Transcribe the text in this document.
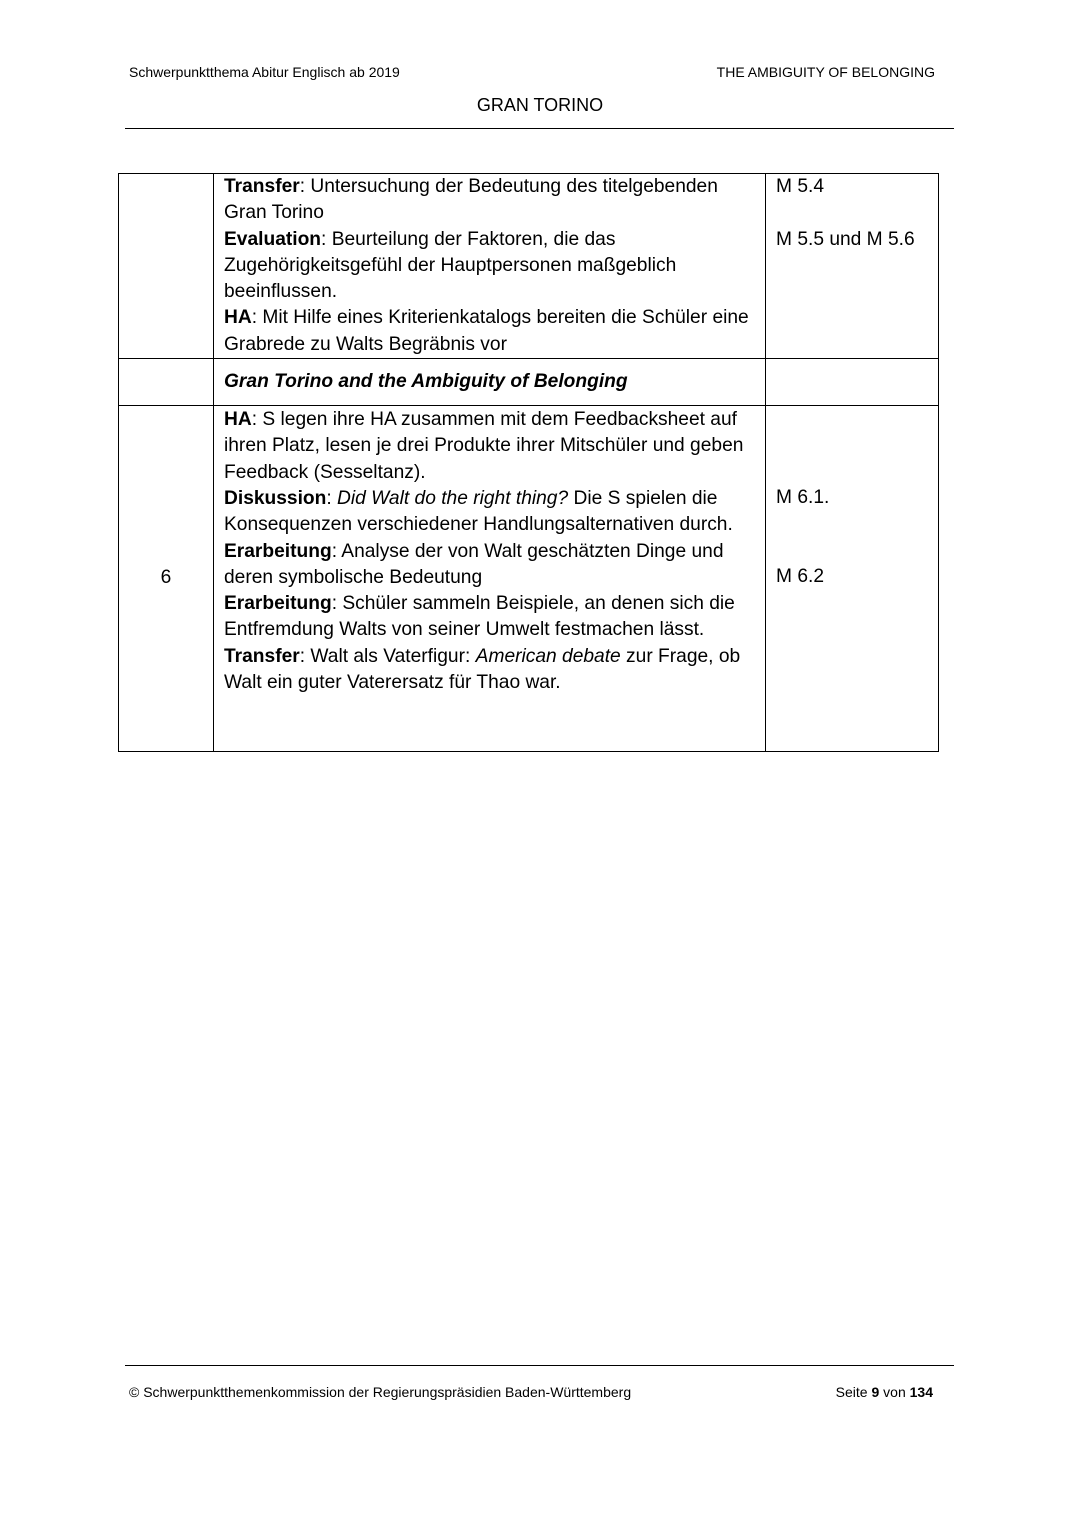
Schwerpunktthema Abitur Englisch ab 2019	THE AMBIGUITY OF BELONGING
GRAN TORINO

	Transfer: Untersuchung der Bedeutung des titelgebenden Gran Torino
Evaluation: Beurteilung der Faktoren, die das Zugehörigkeitsgefühl der Hauptpersonen maßgeblich beeinflussen.
HA: Mit Hilfe eines Kriterienkatalogs bereiten die Schüler eine Grabrede zu Walts Begräbnis vor	M 5.4
M 5.5 und M 5.6

	Gran Torino and the Ambiguity of Belonging	
6	HA: S legen ihre HA zusammen mit dem Feedbacksheet auf ihren Platz, lesen je drei Produkte ihrer Mitschüler und geben Feedback (Sesseltanz).
Diskussion: Did Walt do the right thing? Die S spielen die Konsequenzen verschiedener Handlungsalternativen durch.
Erarbeitung: Analyse der von Walt geschätzten Dinge und deren symbolische Bedeutung
Erarbeitung: Schüler sammeln Beispiele, an denen sich die Entfremdung Walts von seiner Umwelt festmachen lässt.
Transfer: Walt als Vaterfigur: American debate zur Frage, ob Walt ein guter Vaterersatz für Thao war.	M 6.1.
M 6.2
© Schwerpunktthemenkommission der Regierungspräsidien Baden-Württemberg	Seite 9 von 134
